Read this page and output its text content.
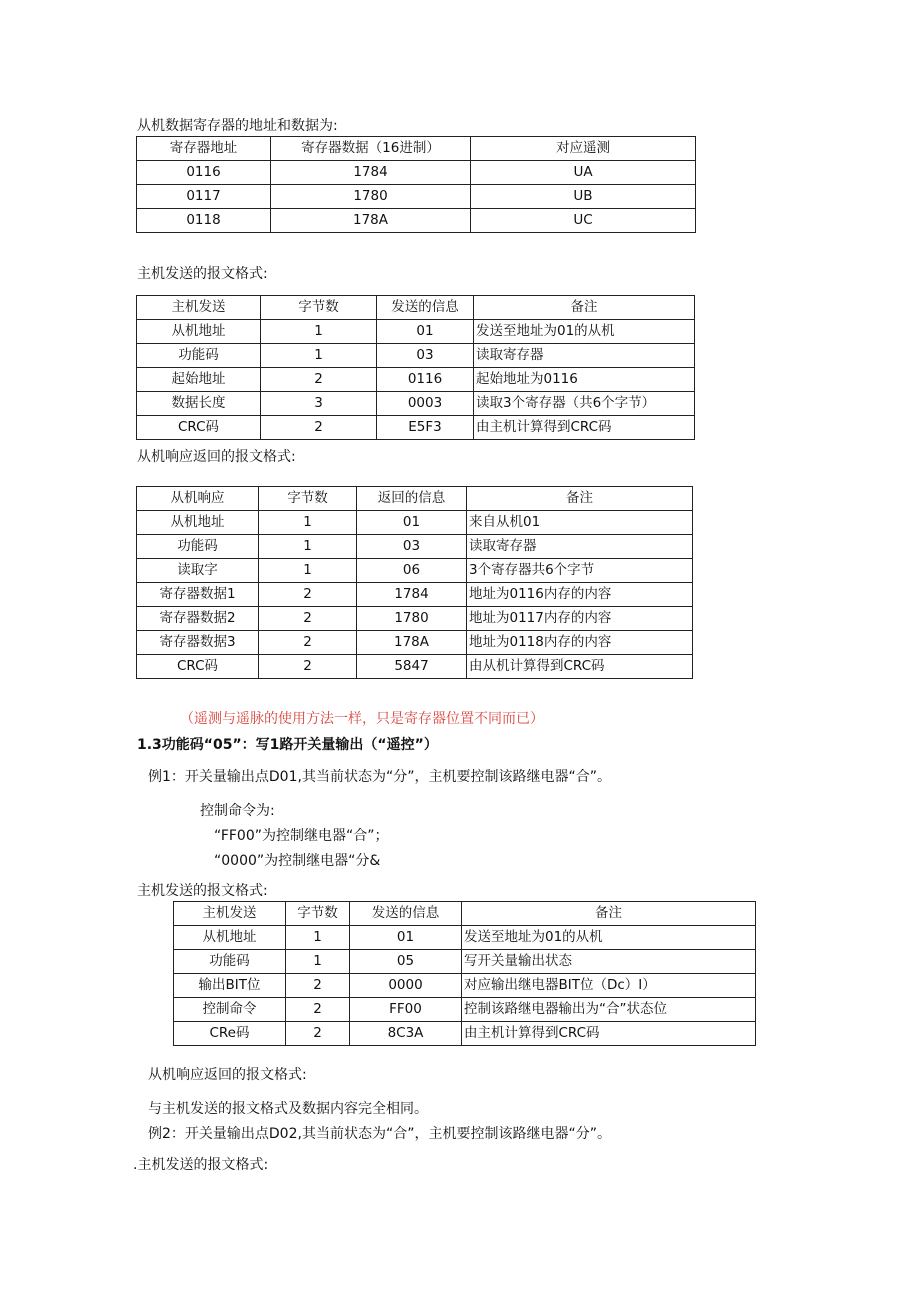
从机数据寄存器的地址和数据为:
寄存器地址	寄存器数据（16进制）	对应遥测
0116	1784	UA
0117	1780	UB
0118	178A	UC
主机发送的报文格式:
主机发送	字节数	发送的信息	备注
从机地址	1	01	发送至地址为01的从机
功能码	1	03	读取寄存器
起始地址	2	0116	起始地址为0116
数据长度	3	0003	读取3个寄存器（共6个字节）
CRC码	2	E5F3	由主机计算得到CRC码
从机响应返回的报文格式:
从机响应	字节数	返回的信息	备注
从机地址	1	01	来自从机01
功能码	1	03	读取寄存器
读取字	1	06	3个寄存器共6个字节
寄存器数据1	2	1784	地址为0116内存的内容
寄存器数据2	2	1780	地址为0117内存的内容
寄存器数据3	2	178A	地址为0118内存的内容
CRC码	2	5847	由从机计算得到CRC码
（遥测与遥脉的使用方法一样，只是寄存器位置不同而已）
1.3功能码“05”：写1路开关量输出（“遥控”）
例1：开关量输出点D01,其当前状态为“分”，主机要控制该路继电器“合”。
控制命令为:
“FF00”为控制继电器“合”；
“0000”为控制继电器“分&
主机发送的报文格式:
主机发送	字节数	发送的信息	备注
从机地址	1	01	发送至地址为01的从机
功能码	1	05	写开关量输出状态
输出BIT位	2	0000	对应输出继电器BIT位（Dc）I）
控制命令	2	FF00	控制该路继电器输出为“合”状态位
CRe码	2	8C3A	由主机计算得到CRC码
从机响应返回的报文格式:
与主机发送的报文格式及数据内容完全相同。
例2：开关量输出点D02,其当前状态为“合”，主机要控制该路继电器“分”。
.主机发送的报文格式:
